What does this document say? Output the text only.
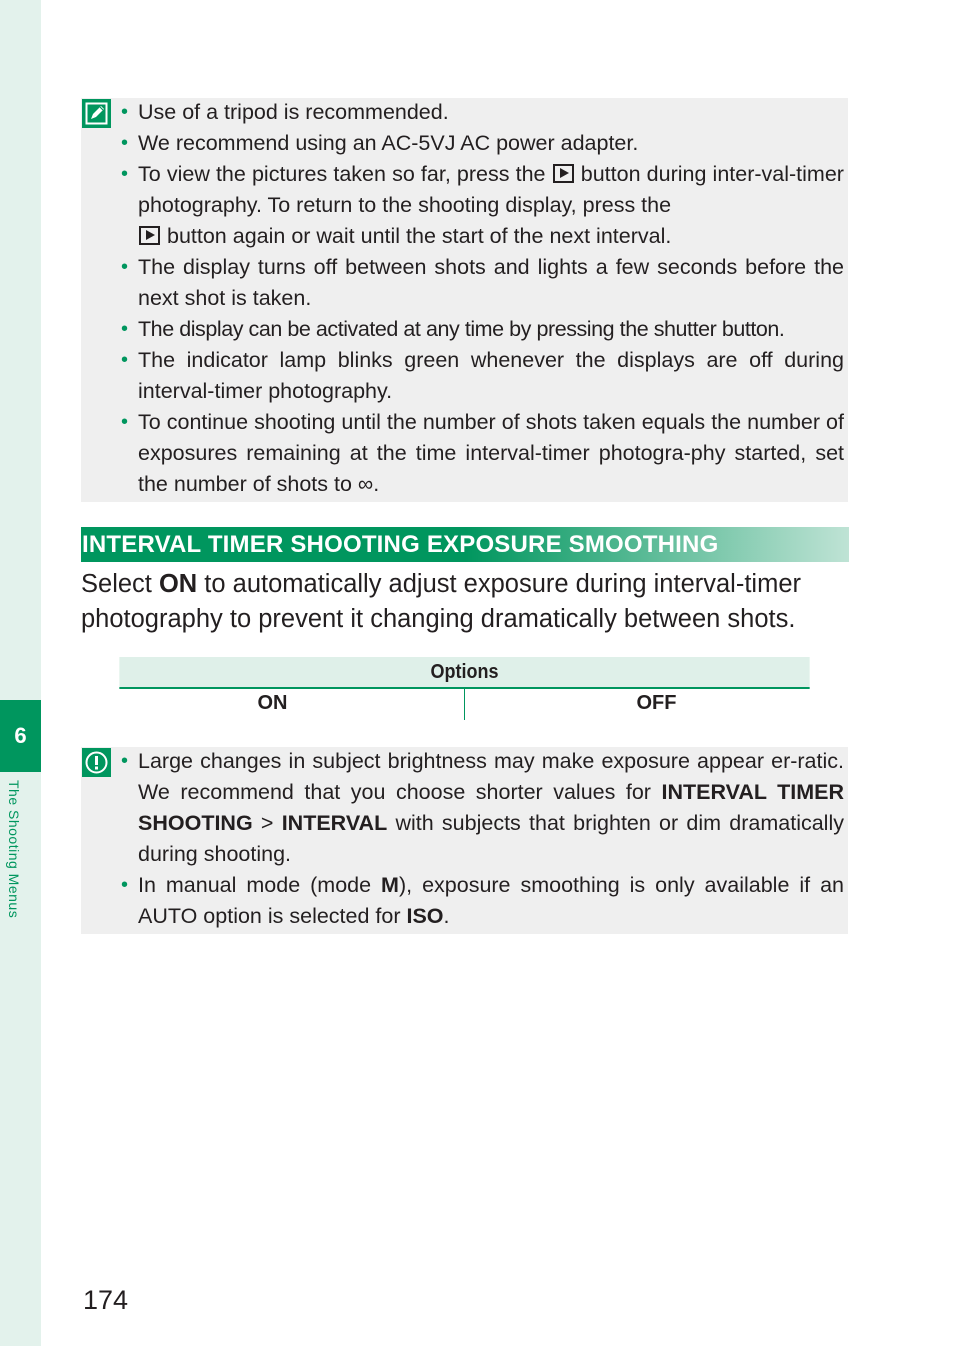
6
The Shooting Menus
• Use of a tripod is recommended.
• We recommend using an AC-5VJ AC power adapter.
• To view the pictures taken so far, press the button during inter-val-timer photography. To return to the shooting display, press the
button again or wait until the start of the next interval.
• The display turns off between shots and lights a few seconds before the next shot is taken.
• The display can be activated at any time by pressing the shutter button.
• The indicator lamp blinks green whenever the displays are off during interval-timer photography.
• To continue shooting until the number of shots taken equals the number of exposures remaining at the time interval-timer photogra-phy started, set the number of shots to ∞.
INTERVAL TIMER SHOOTING EXPOSURE SMOOTHING

Select ON to automatically adjust exposure during interval-timer photography to prevent it changing dramatically between shots.

Options
ON	OFF
• Large changes in subject brightness may make exposure appear er-ratic. We recommend that you choose shorter values for INTERVAL TIMER SHOOTING > INTERVAL with subjects that brighten or dim dramatically during shooting.
• In manual mode (mode M), exposure smoothing is only available if an AUTO option is selected for ISO.
174
